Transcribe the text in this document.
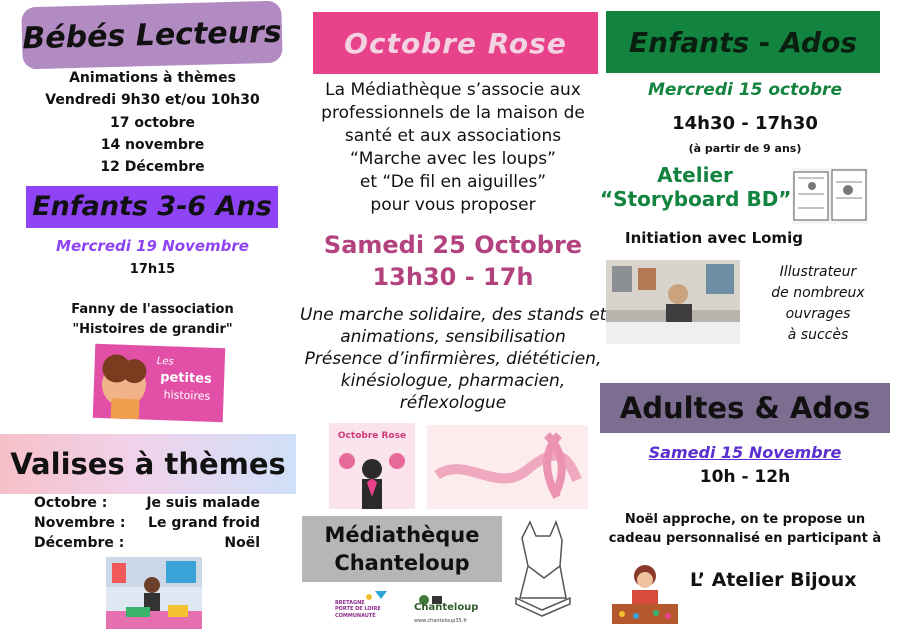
Bébés Lecteurs
Animations à thèmes
Vendredi 9h30 et/ou 10h30
17 octobre
14 novembre
12 Décembre
Enfants 3-6 Ans
Mercredi 19 Novembre
17h15
Fanny de l'association
"Histoires de grandir"
Les
petites
histoires
Valises à thèmes
Octobre :	Je suis malade
Novembre : Le grand froid
Décembre :	Noël
Octobre Rose
La Médiathèque s’associe aux
professionnels de la maison de
santé et aux associations
“Marche avec les loups”
et “De fil en aiguilles”
pour vous proposer
Samedi 25 Octobre
13h30 - 17h
Une marche solidaire, des stands et
animations, sensibilisation
Présence d’infirmières, diététicien,
kinésiologue, pharmacien,
réflexologue
Octobre Rose
Médiathèque
Chanteloup
BRETAGNE
PORTE DE LOIRE
COMMUNAUTÉ
Chanteloup
www.chanteloup35.fr
Enfants - Ados
Mercredi 15 octobre
14h30 - 17h30
(à partir de 9 ans)
Atelier
“Storyboard BD”
Initiation avec Lomig
Illustrateur
de nombreux
ouvrages
à succès
Adultes & Ados
Samedi 15 Novembre
10h - 12h
Noël approche, on te propose un
cadeau personnalisé en participant à
L’ Atelier Bijoux
